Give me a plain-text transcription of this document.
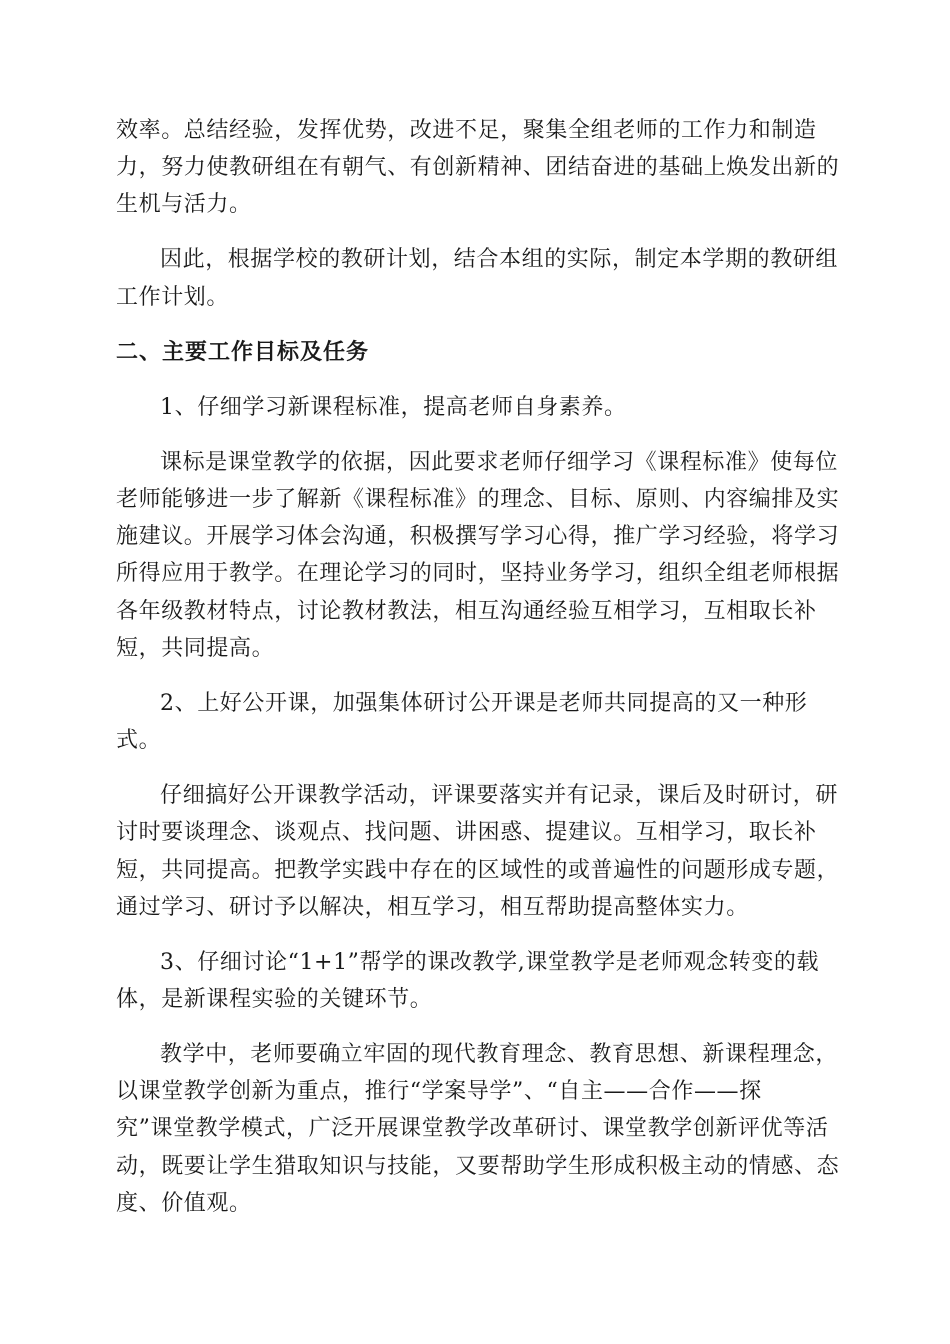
效率。总结经验，发挥优势，改进不足，聚集全组老师的工作力和制造
力，努力使教研组在有朝气、有创新精神、团结奋进的基础上焕发出新的
生机与活力。
因此，根据学校的教研计划，结合本组的实际，制定本学期的教研组
工作计划。
二、主要工作目标及任务
1、仔细学习新课程标准，提高老师自身素养。
课标是课堂教学的依据，因此要求老师仔细学习《课程标准》使每位
老师能够进一步了解新《课程标准》的理念、目标、原则、内容编排及实
施建议。开展学习体会沟通，积极撰写学习心得，推广学习经验，将学习
所得应用于教学。在理论学习的同时，坚持业务学习，组织全组老师根据
各年级教材特点，讨论教材教法，相互沟通经验互相学习，互相取长补
短，共同提高。
2、上好公开课，加强集体研讨公开课是老师共同提高的又一种形
式。
仔细搞好公开课教学活动，评课要落实并有记录，课后及时研讨，研
讨时要谈理念、谈观点、找问题、讲困惑、提建议。互相学习，取长补
短，共同提高。把教学实践中存在的区域性的或普遍性的问题形成专题，
通过学习、研讨予以解决，相互学习，相互帮助提高整体实力。
3、仔细讨论“1+1”帮学的课改教学,课堂教学是老师观念转变的载
体，是新课程实验的关键环节。
教学中，老师要确立牢固的现代教育理念、教育思想、新课程理念，
以课堂教学创新为重点，推行“学案导学”、“自主——合作——探
究”课堂教学模式，广泛开展课堂教学改革研讨、课堂教学创新评优等活
动，既要让学生猎取知识与技能，又要帮助学生形成积极主动的情感、态
度、价值观。
